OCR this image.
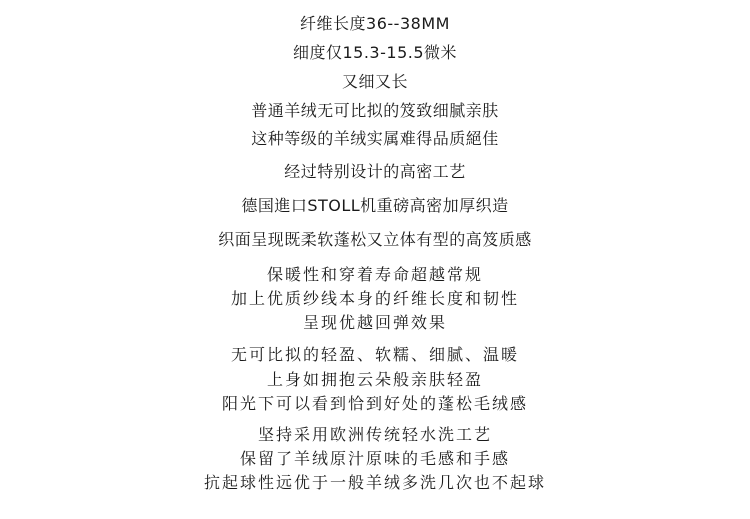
纤维长度36--38MM
细度仅15.3-15.5微米
又细又长
普通羊绒无可比拟的笈致细腻亲肤
这种等级的羊绒实属难得品质絕佳
经过特别设计的高密工艺
德国進口STOLL机重磅高密加厚织造
织面呈现既柔软蓬松又立体有型的高笈质感
保暖性和穿着寿命超越常规
加上优质纱线本身的纤维长度和韧性
呈现优越回弹效果
无可比拟的轻盈、软糯、细腻、温暖
上身如拥抱云朵般亲肤轻盈
阳光下可以看到恰到好处的蓬松毛绒感
坚持采用欧洲传统轻水洗工艺
保留了羊绒原汁原味的毛感和手感
抗起球性远优于一般羊绒多洗几次也不起球
